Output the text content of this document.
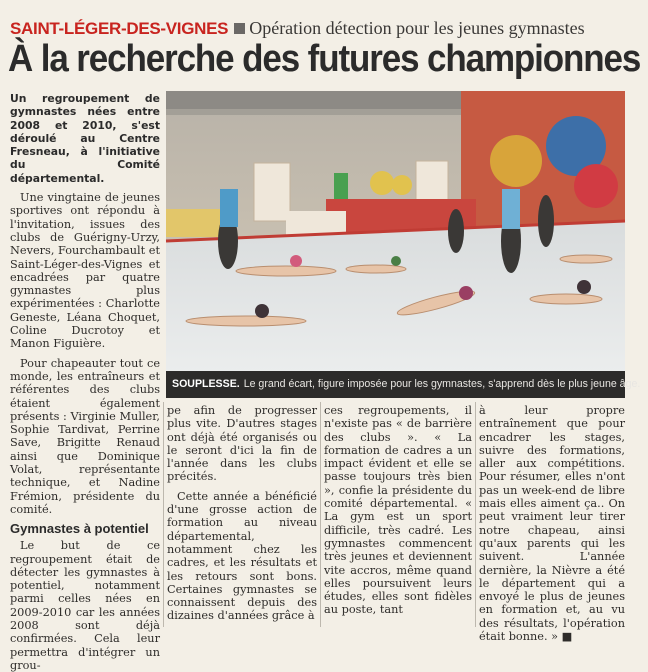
SAINT-LÉGER-DES-VIGNES Opération détection pour les jeunes gymnastes
À la recherche des futures championnes
Un regroupement de gymnastes nées entre 2008 et 2010, s'est déroulé au Centre Fresneau, à l'initiative du Comité départemental.

Une vingtaine de jeunes sportives ont répondu à l'invitation, issues des clubs de Guérigny-Urzy, Nevers, Fourchambault et Saint-Léger-des-Vignes et encadrées par quatre gymnastes plus expérimentées : Charlotte Geneste, Léana Choquet, Coline Ducrotoy et Manon Figuière.

Pour chapeauter tout ce monde, les entraîneurs et référentes des clubs étaient également présents : Virginie Muller, Sophie Tardivat, Perrine Save, Brigitte Renaud ainsi que Dominique Volat, représentante technique, et Nadine Frémion, présidente du comité.

Gymnastes à potentiel

Le but de ce regroupement était de détecter les gymnastes à potentiel, notamment parmi celles nées en 2009-2010 car les années 2008 sont déjà confirmées. Cela leur permettra d'intégrer un grou-

SOUPLESSE. Le grand écart, figure imposée pour les gymnastes, s'apprend dès le plus jeune âge.

pe afin de progresser plus vite. D'autres stages ont déjà été organisés ou le seront d'ici la fin de l'année dans les clubs précités.

Cette année a bénéficié d'une grosse action de formation au niveau départemental, notamment chez les cadres, et les résultats et les retours sont bons. Certaines gymnastes se connaissent depuis des dizaines d'années grâce à

ces regroupements, il n'existe pas « de barrière des clubs ». « La formation de cadres a un impact évident et elle se passe toujours très bien », confie la présidente du comité départemental. « La gym est un sport difficile, très cadré. Les gymnastes commencent très jeunes et deviennent vite accros, même quand elles poursuivent leurs études, elles sont fidèles au poste, tant

à leur propre entraînement que pour encadrer les stages, suivre des formations, aller aux compétitions. Pour résumer, elles n'ont pas un week-end de libre mais elles aiment ça.. On peut vraiment leur tirer notre chapeau, ainsi qu'aux parents qui les suivent. L'année dernière, la Nièvre a été le département qui a envoyé le plus de jeunes en formation et, au vu des résultats, l'opération était bonne. » ■
